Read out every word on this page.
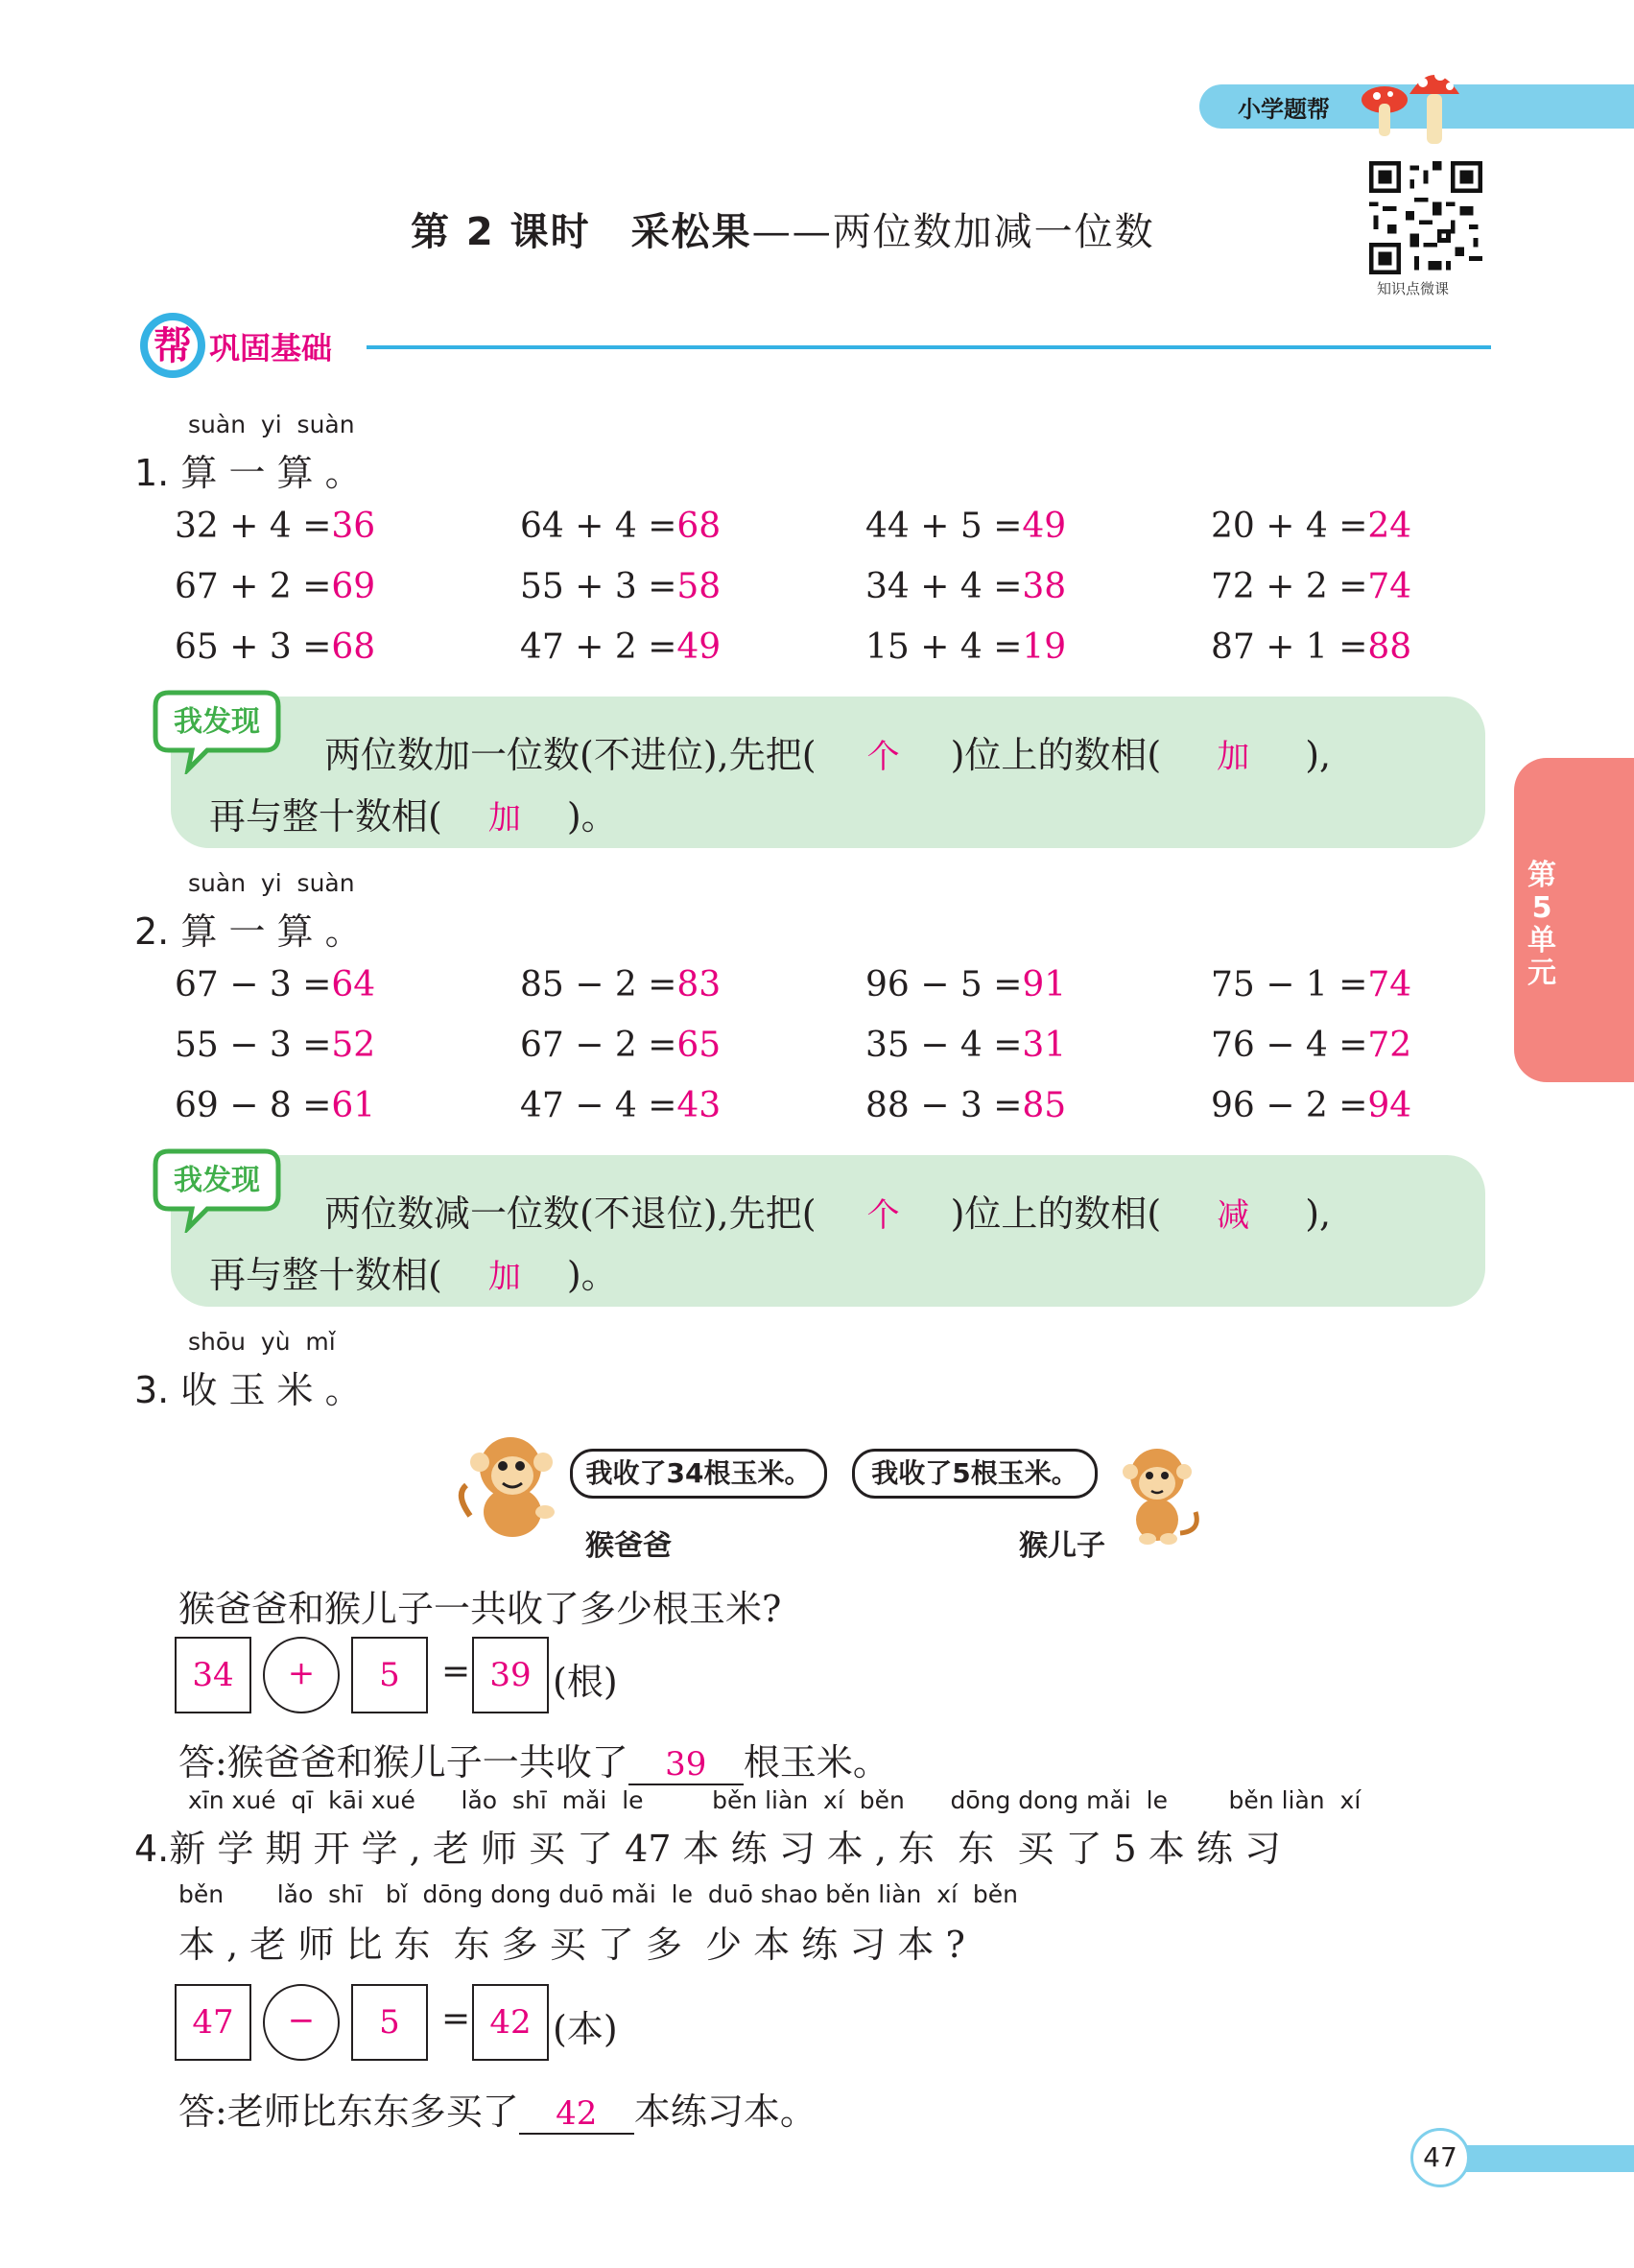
小学题帮
知识点微课
第 2 课时　采松果——两位数加减一位数
帮 巩固基础
第5单元
suàn  yi  suàn
1. 算 一 算 。
32 + 4 =36	64 + 4 =68	44 + 5 =49	20 + 4 =24
67 + 2 =69	55 + 3 =58	34 + 4 =38	72 + 2 =74
65 + 3 =68	47 + 2 =49	15 + 4 =19	87 + 1 =88
我发现
两位数加一位数(不进位),先把( 个 )位上的数相( 加 ),
再与整十数相( 加 )。
suàn  yi  suàn
2. 算 一 算 。
67 − 3 =64	85 − 2 =83	96 − 5 =91	75 − 1 =74
55 − 3 =52	67 − 2 =65	35 − 4 =31	76 − 4 =72
69 − 8 =61	47 − 4 =43	88 − 3 =85	96 − 2 =94
我发现
两位数减一位数(不退位),先把( 个 )位上的数相( 减 ),
再与整十数相( 加 )。
shōu  yù  mǐ
3. 收 玉 米 。
我收了34根玉米。
猴爸爸
我收了5根玉米。
猴儿子
猴爸爸和猴儿子一共收了多少根玉米?
34	+	5	= 39 (根)
答:猴爸爸和猴儿子一共收了 39 根玉米。
xīn xué  qī  kāi xué      lǎo  shī  mǎi  le         běn liàn  xí  běn      dōng dong mǎi  le        běn liàn  xí
4.新 学 期 开 学 , 老 师 买 了 47 本 练 习 本 , 东  东  买 了 5 本 练 习
běn       lǎo  shī   bǐ  dōng dong duō mǎi  le  duō shao běn liàn  xí  běn
本 , 老 师 比 东  东 多 买 了 多  少 本 练 习 本 ?
47	−	5	= 42 (本)
答:老师比东东多买了 42 本练习本。
47
